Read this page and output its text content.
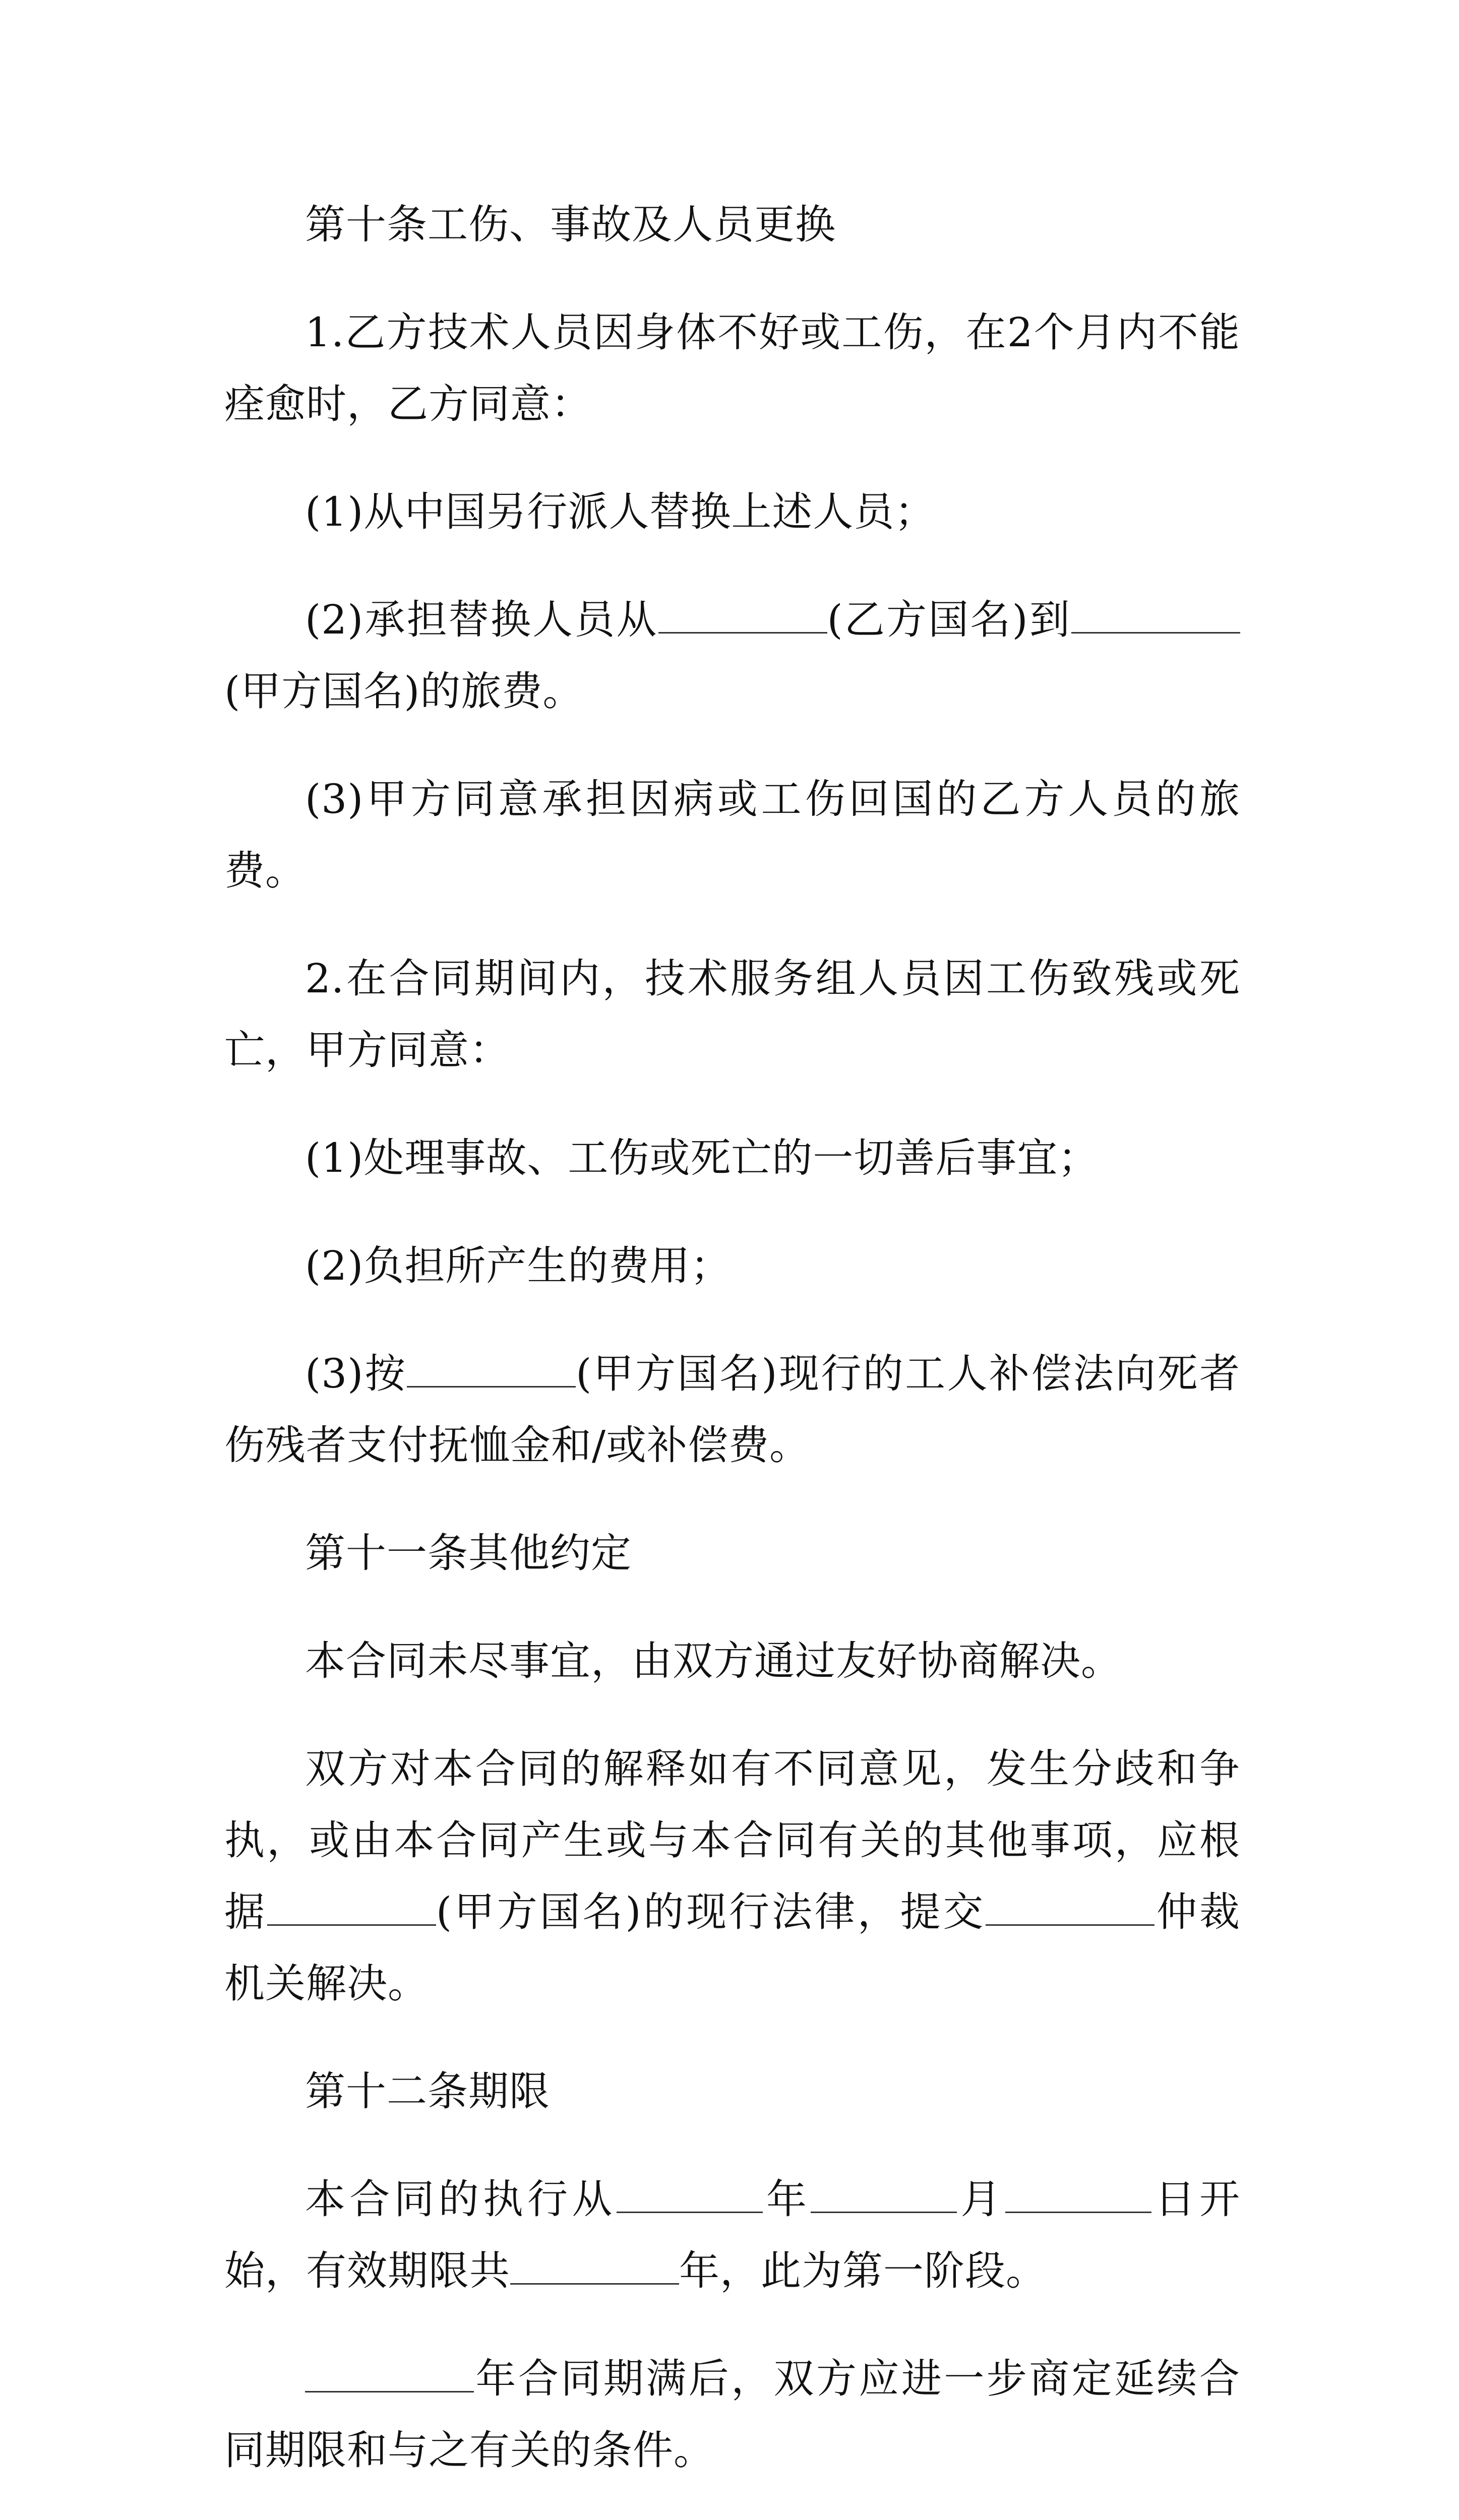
第十条工伤、事故及人员更换

1.乙方技术人员因身体不好或工伤，在2个月内不能痊愈时，乙方同意：

(1)从中国另行派人替换上述人员；

(2)承担替换人员从	(乙方国名)到(甲方国名)的旅费。

(3)甲方同意承担因病或工伤回国的乙方人员的旅费。

2.在合同期间内，技术服务组人员因工伤致残或死亡，甲方同意：

(1)处理事故、工伤或死亡的一切善后事宜；

(2)负担所产生的费用；

(3)按	(甲方国名)现行的工人补偿法向死者伤残者支付抚恤金和/或补偿费。

第十一条其他约定

本合同未尽事宜，由双方通过友好协商解决。

双方对本合同的解释如有不同意见，发生分歧和争执，或由本合同产生或与本合同有关的其他事项，应根据	(甲方国名)的现行法律，提交	仲裁机关解决。

第十二条期限

本合同的执行从	年	月	日开始，有效期限共	年，此为第一阶段。

年合同期满后，双方应进一步商定延续合同期限和与之有关的条件。
